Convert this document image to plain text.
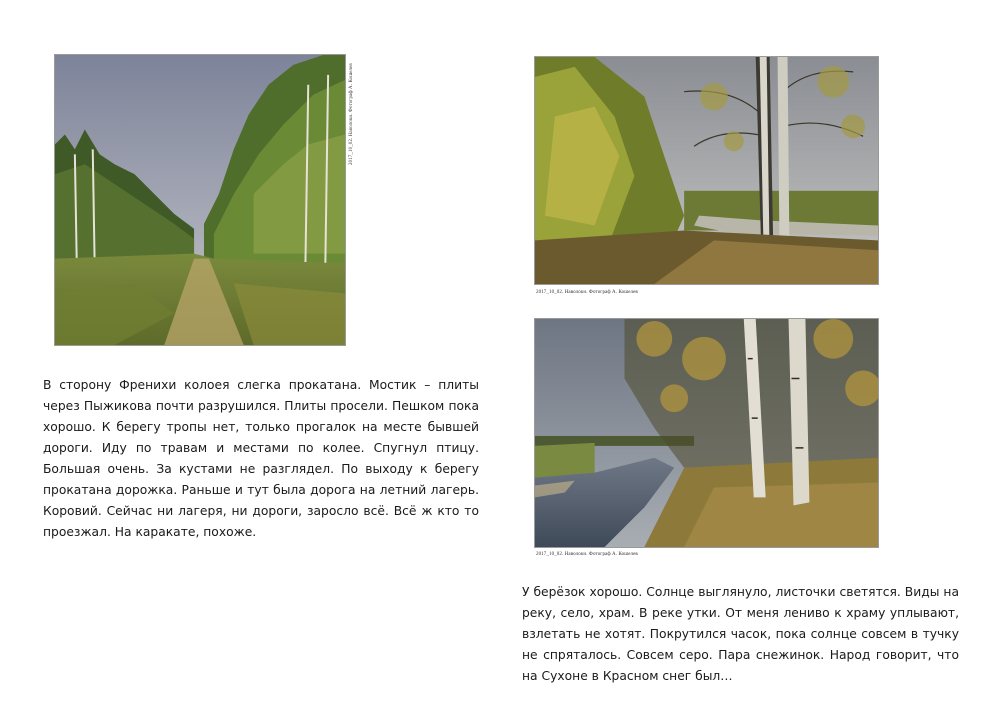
2017_10_02. Наволоки. Фотограф А. Кошелев
2017_10_02. Наволоки. Фотограф А. Кошелев
2017_10_02. Наволоки. Фотограф А. Кошелев

В сторону Френихи колоея слегка прокатана. Мостик – плиты через Пыжикова почти разрушился. Плиты просели. Пешком пока хорошо. К берегу тропы нет, только прогалок на месте бывшей дороги. Иду по травам и местами по колее. Спугнул птицу. Большая очень. За кустами не разглядел. По выходу к берегу прокатана дорожка. Раньше и тут была дорога на летний лагерь. Коровий. Сейчас ни лагеря, ни дороги, заросло всё. Всё ж кто то проезжал. На каракате, похоже.

У берёзок хорошо. Солнце выглянуло, листочки светятся. Виды на реку, село, храм. В реке утки. От меня лениво к храму уплывают, взлетать не хотят. Покрутился часок, пока солнце совсем в тучку не спряталось. Совсем серо. Пара снежинок. Народ говорит, что на Сухоне в Красном снег был…
